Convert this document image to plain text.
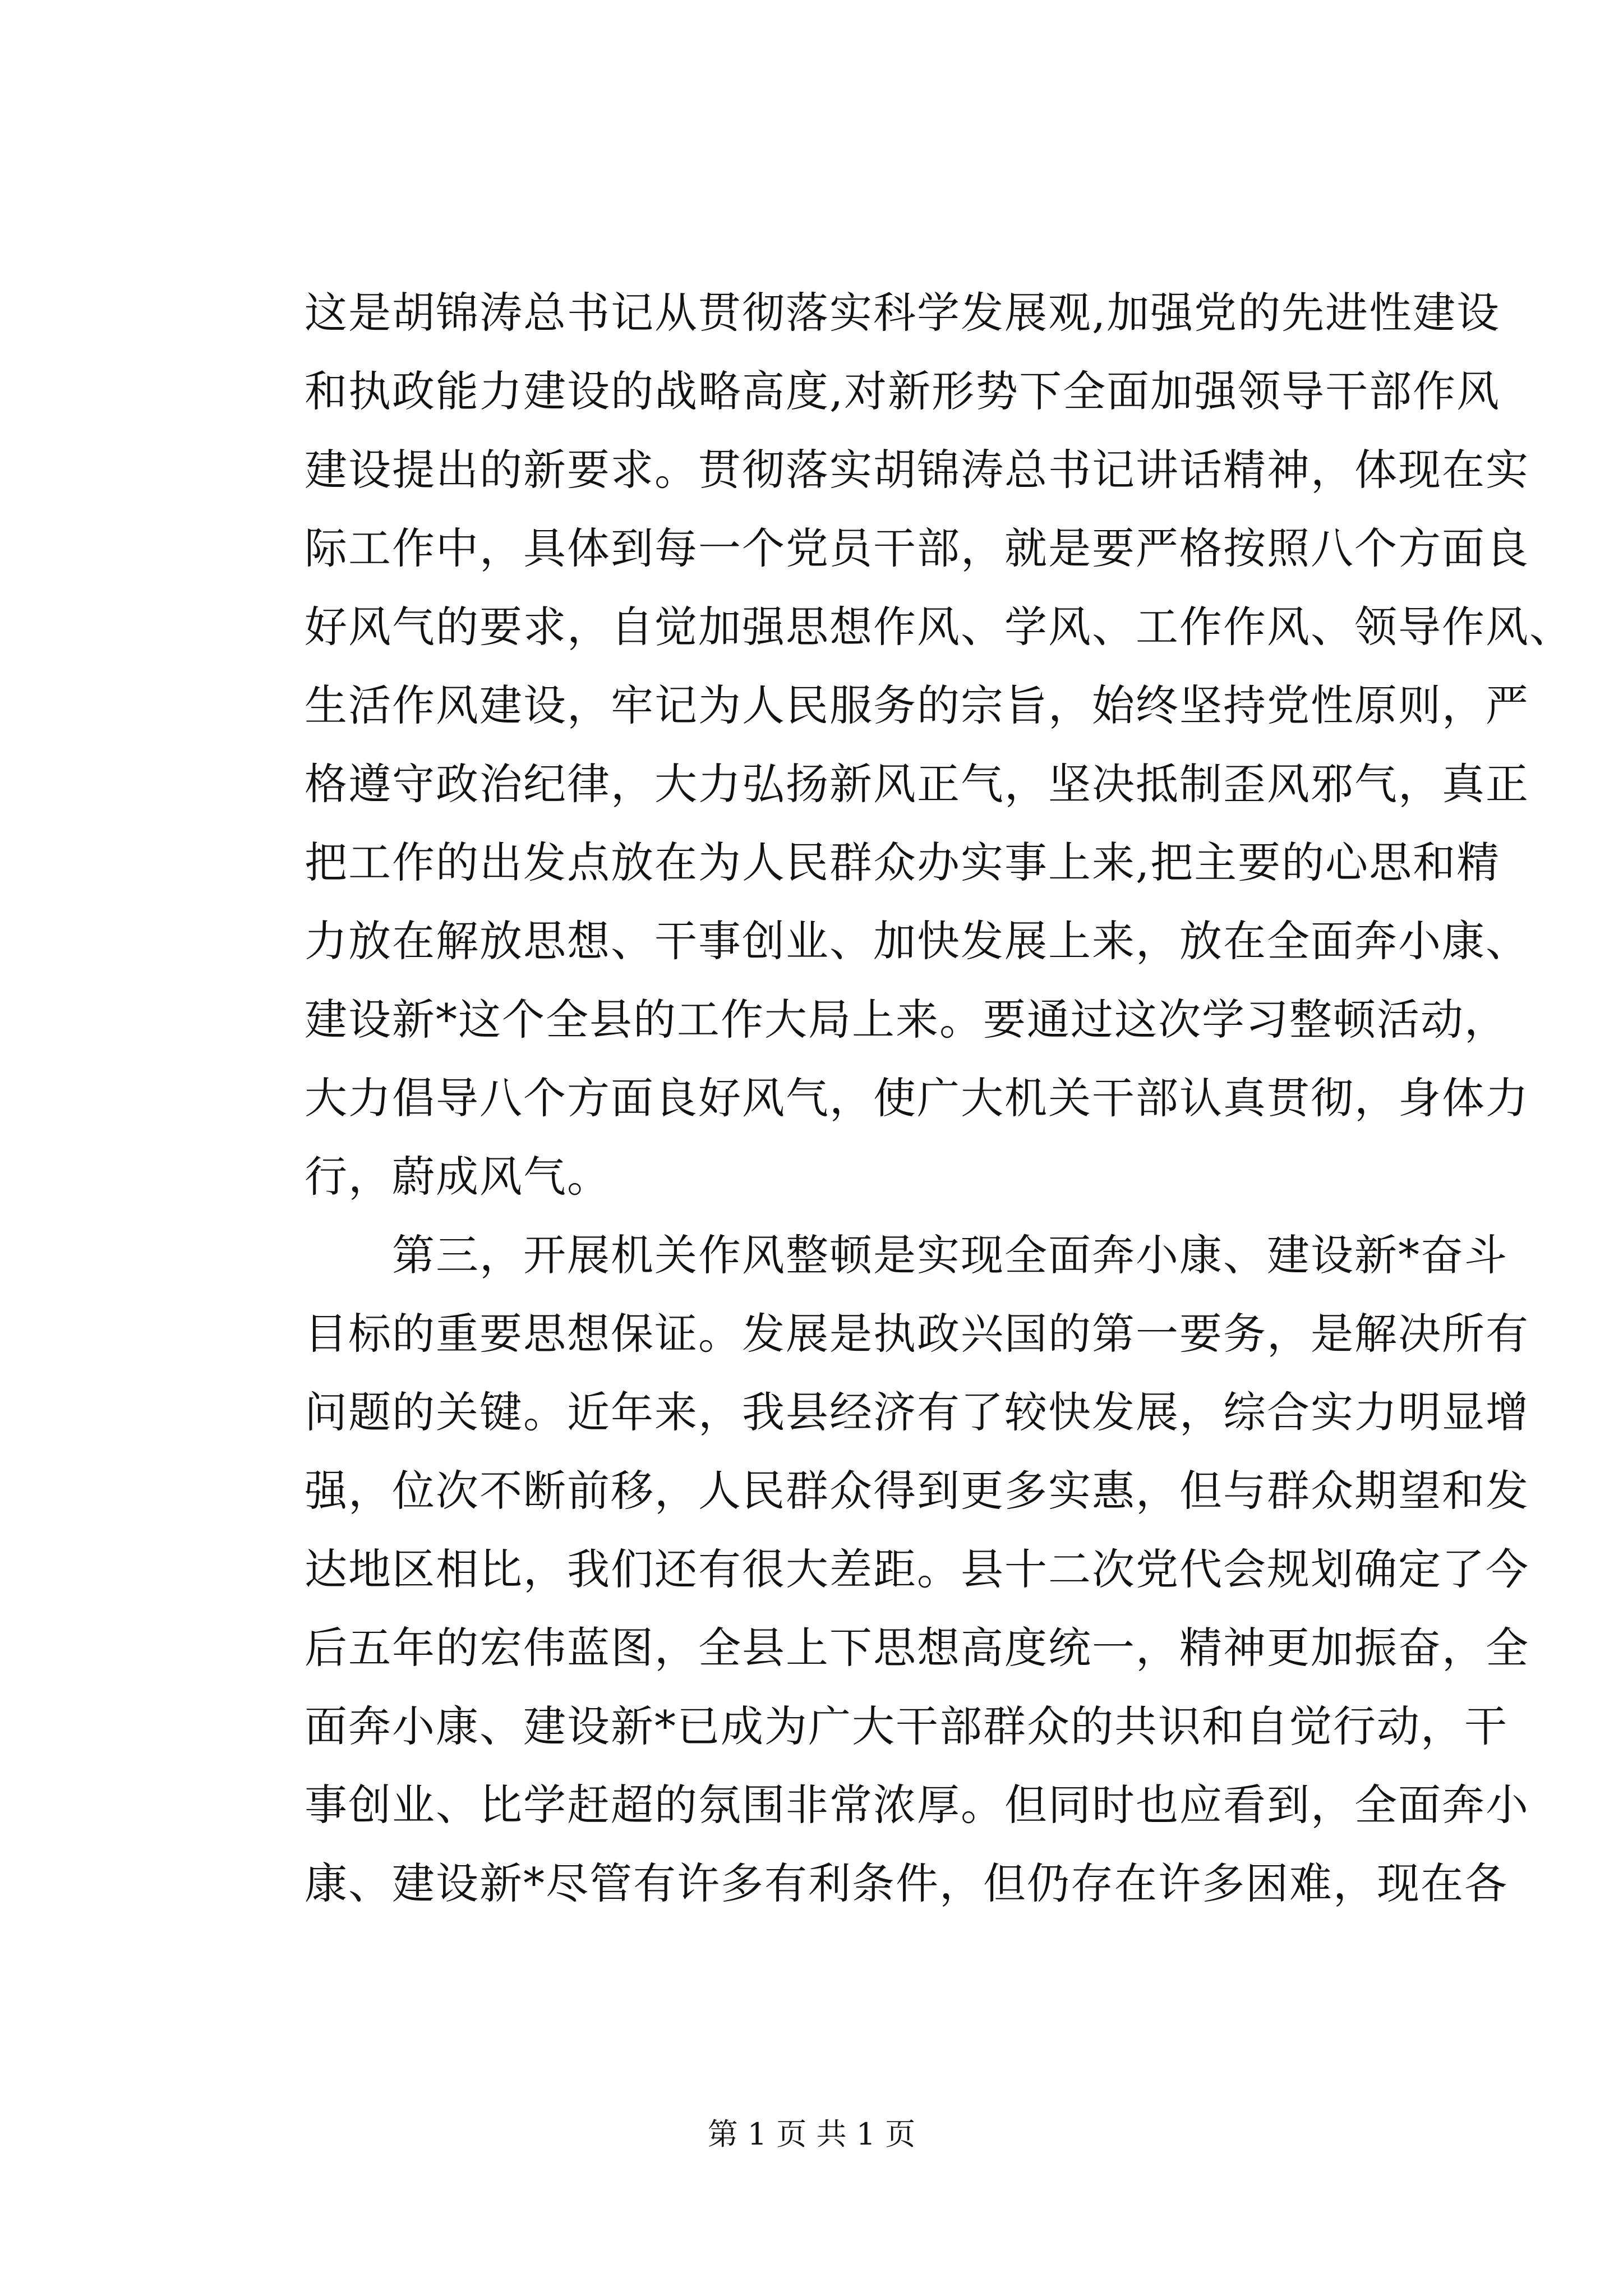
这是胡锦涛总书记从贯彻落实科学发展观,加强党的先进性建设
和执政能力建设的战略高度,对新形势下全面加强领导干部作风
建设提出的新要求。贯彻落实胡锦涛总书记讲话精神，体现在实
际工作中，具体到每一个党员干部，就是要严格按照八个方面良
好风气的要求，自觉加强思想作风、学风、工作作风、领导作风、
生活作风建设，牢记为人民服务的宗旨，始终坚持党性原则，严
格遵守政治纪律，大力弘扬新风正气，坚决抵制歪风邪气，真正
把工作的出发点放在为人民群众办实事上来,把主要的心思和精
力放在解放思想、干事创业、加快发展上来，放在全面奔小康、
建设新*这个全县的工作大局上来。要通过这次学习整顿活动，
大力倡导八个方面良好风气，使广大机关干部认真贯彻，身体力
行，蔚成风气。
　　第三，开展机关作风整顿是实现全面奔小康、建设新*奋斗
目标的重要思想保证。发展是执政兴国的第一要务，是解决所有
问题的关键。近年来，我县经济有了较快发展，综合实力明显增
强，位次不断前移，人民群众得到更多实惠，但与群众期望和发
达地区相比，我们还有很大差距。县十二次党代会规划确定了今
后五年的宏伟蓝图，全县上下思想高度统一，精神更加振奋，全
面奔小康、建设新*已成为广大干部群众的共识和自觉行动，干
事创业、比学赶超的氛围非常浓厚。但同时也应看到，全面奔小
康、建设新*尽管有许多有利条件，但仍存在许多困难，现在各
第 1 页 共 1 页
